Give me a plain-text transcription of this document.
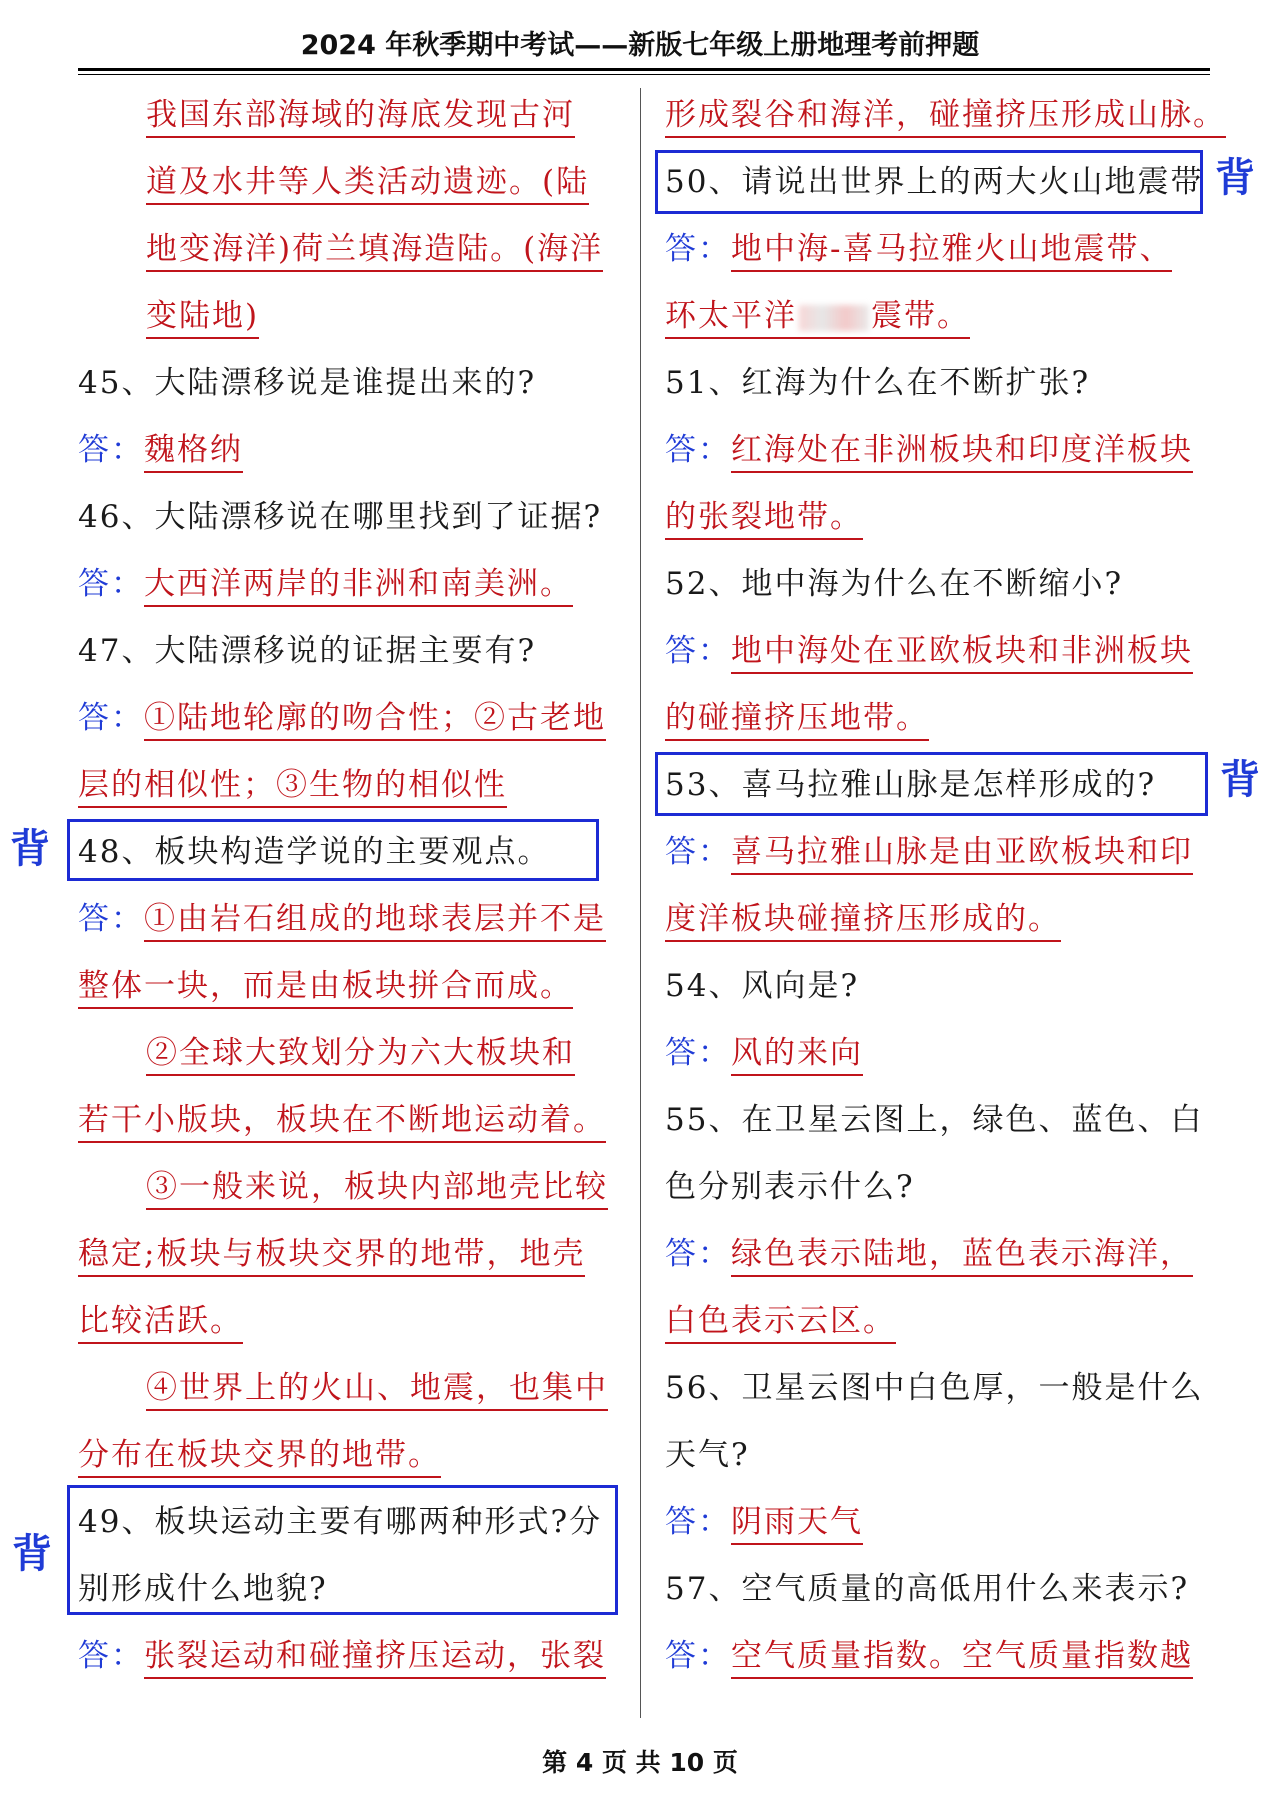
2024 年秋季期中考试——新版七年级上册地理考前押题
我国东部海域的海底发现古河
道及水井等人类活动遗迹。(陆
地变海洋)荷兰填海造陆。(海洋
变陆地)
45、大陆漂移说是谁提出来的?
答：魏格纳
46、大陆漂移说在哪里找到了证据?
答：大西洋两岸的非洲和南美洲。
47、大陆漂移说的证据主要有?
答：①陆地轮廓的吻合性；②古老地
层的相似性；③生物的相似性
48、板块构造学说的主要观点。
答：①由岩石组成的地球表层并不是
整体一块，而是由板块拼合而成。
②全球大致划分为六大板块和
若干小版块，板块在不断地运动着。
③一般来说，板块内部地壳比较
稳定;板块与板块交界的地带，地壳
比较活跃。
④世界上的火山、地震，也集中
分布在板块交界的地带。
49、板块运动主要有哪两种形式?分
别形成什么地貌?
答：张裂运动和碰撞挤压运动，张裂
形成裂谷和海洋，碰撞挤压形成山脉。
50、请说出世界上的两大火山地震带
答：地中海-喜马拉雅火山地震带、
环太平洋 震带。
51、红海为什么在不断扩张?
答：红海处在非洲板块和印度洋板块
的张裂地带。
52、地中海为什么在不断缩小?
答：地中海处在亚欧板块和非洲板块
的碰撞挤压地带。
53、喜马拉雅山脉是怎样形成的?
答：喜马拉雅山脉是由亚欧板块和印
度洋板块碰撞挤压形成的。
54、风向是?
答：风的来向
55、在卫星云图上，绿色、蓝色、白
色分别表示什么?
答：绿色表示陆地，蓝色表示海洋，
白色表示云区。
56、卫星云图中白色厚，一般是什么
天气?
答：阴雨天气
57、空气质量的高低用什么来表示?
答：空气质量指数。空气质量指数越
背
背
背
背
第 4 页 共 10 页
